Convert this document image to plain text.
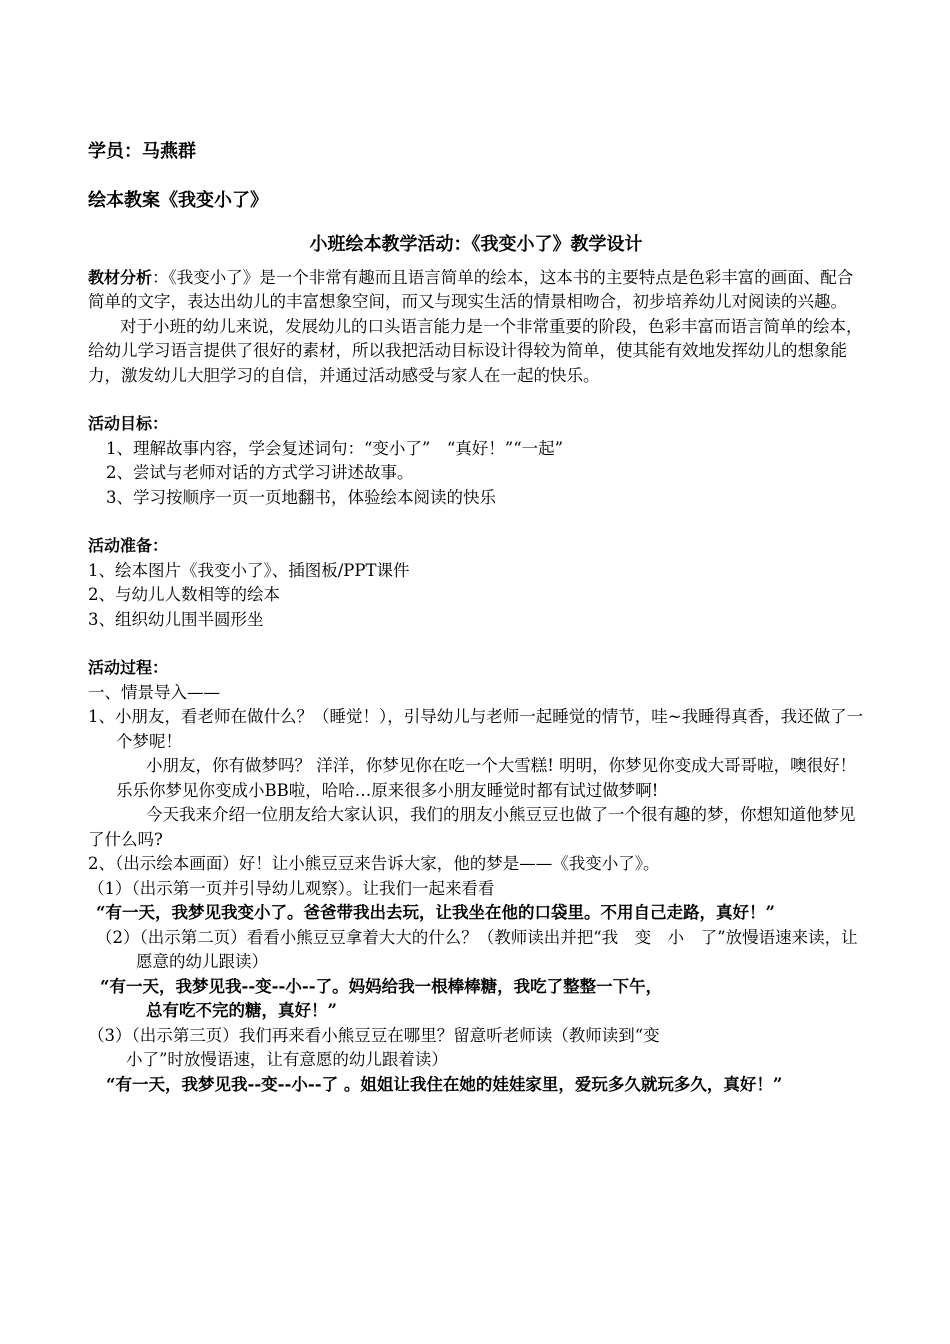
学员：马燕群

绘本教案《我变小了》

小班绘本教学活动：《我变小了》教学设计

教材分析：《我变小了》是一个非常有趣而且语言简单的绘本，这本书的主要特点是色彩丰富的画面、配合简单的文字，表达出幼儿的丰富想象空间，而又与现实生活的情景相吻合，初步培养幼儿对阅读的兴趣。

对于小班的幼儿来说，发展幼儿的口头语言能力是一个非常重要的阶段，色彩丰富而语言简单的绘本，给幼儿学习语言提供了很好的素材，所以我把活动目标设计得较为简单，使其能有效地发挥幼儿的想象能力，激发幼儿大胆学习的自信，并通过活动感受与家人在一起的快乐。

活动目标：

1、理解故事内容，学会复述词句：“变小了”　“真好！”“一起”

2、尝试与老师对话的方式学习讲述故事。

3、学习按顺序一页一页地翻书，体验绘本阅读的快乐

活动准备：

1、绘本图片《我变小了》、插图板/PPT课件

2、与幼儿人数相等的绘本

3、组织幼儿围半圆形坐

活动过程：

一、情景导入——

1、小朋友，看老师在做什么？（睡觉！），引导幼儿与老师一起睡觉的情节，哇~我睡得真香，我还做了一个梦呢！

小朋友，你有做梦吗？ 洋洋，你梦见你在吃一个大雪糕! 明明，你梦见你变成大哥哥啦，噢很好！乐乐你梦见你变成小BB啦，哈哈…原来很多小朋友睡觉时都有试过做梦啊!

今天我来介绍一位朋友给大家认识，我们的朋友小熊豆豆也做了一个很有趣的梦，你想知道他梦见了什么吗?

2、（出示绘本画面）好！让小熊豆豆来告诉大家，他的梦是——《我变小了》。

（1）（出示第一页并引导幼儿观察）。让我们一起来看看

“有一天，我梦见我变小了。爸爸带我出去玩，让我坐在他的口袋里。不用自己走路，真好！”

（2）（出示第二页）看看小熊豆豆拿着大大的什么？（教师读出并把“我　变　小　了”放慢语速来读，让愿意的幼儿跟读）

“有一天，我梦见我--变--小--了。妈妈给我一根棒棒糖，我吃了整整一下午，

总有吃不完的糖，真好！”

（3）（出示第三页）我们再来看小熊豆豆在哪里？留意听老师读（教师读到“变

小了”时放慢语速，让有意愿的幼儿跟着读）

“有一天，我梦见我--变--小--了 。姐姐让我住在她的娃娃家里，爱玩多久就玩多久，真好！”
